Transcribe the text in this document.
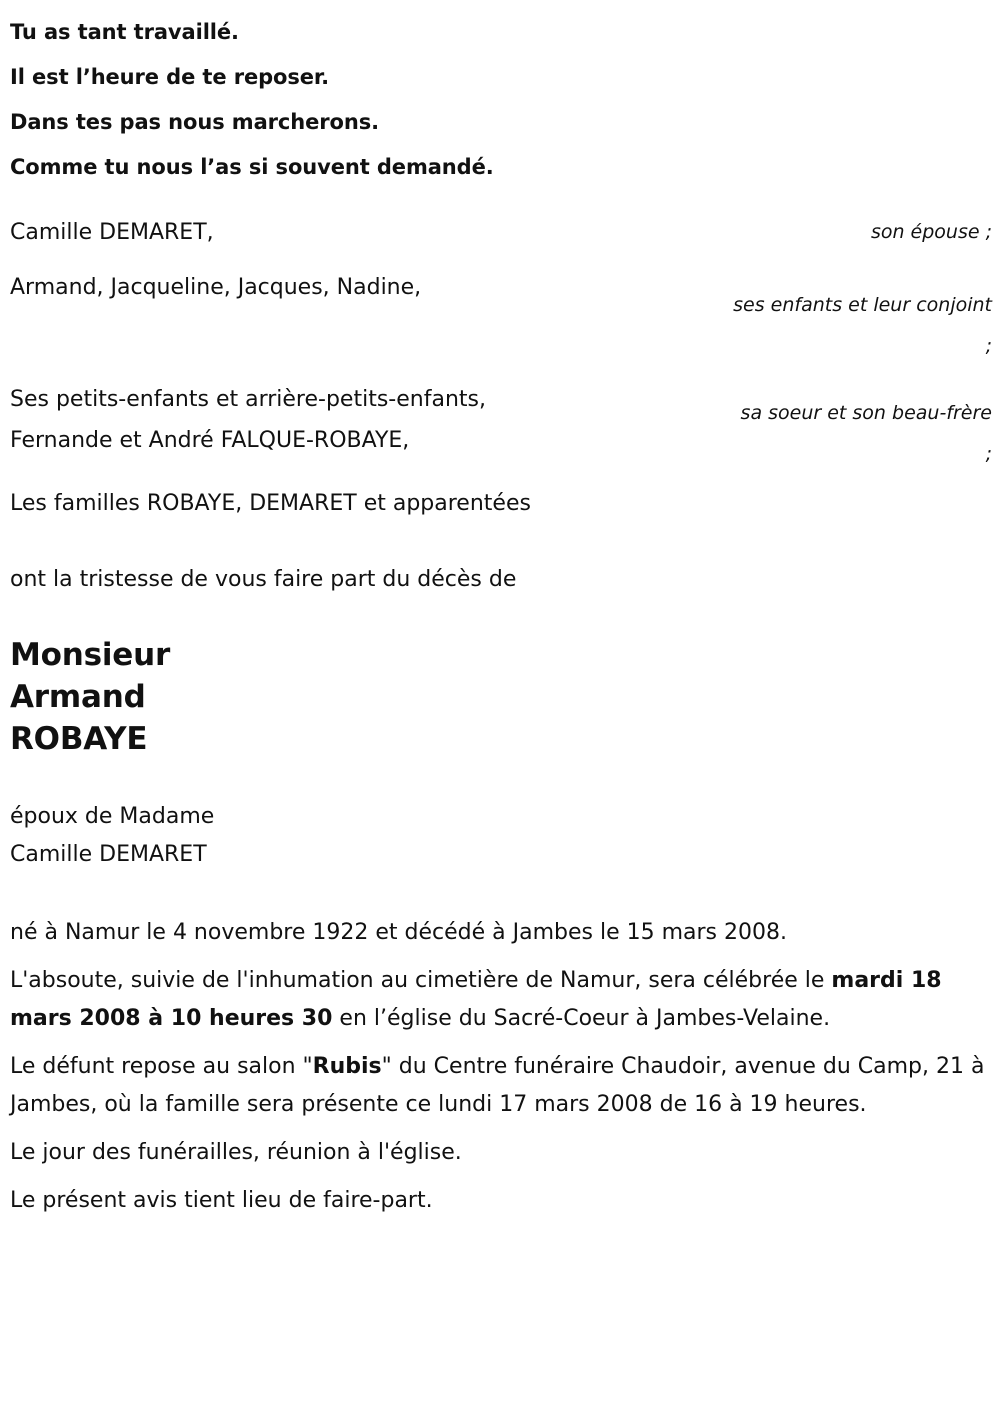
Tu as tant travaillé.
Il est l’heure de te reposer.
Dans tes pas nous marcherons.
Comme tu nous l’as si souvent demandé.
Camille DEMARET,	son épouse ;
Armand, Jacqueline, Jacques, Nadine,
ses enfants et leur conjoint ;
Ses petits-enfants et arrière-petits-enfants,
Fernande et André FALQUE-ROBAYE,
sa soeur et son beau-frère ;
Les familles ROBAYE, DEMARET et apparentées
ont la tristesse de vous faire part du décès de
Monsieur
Armand
ROBAYE
époux de Madame
Camille DEMARET
né à Namur le 4 novembre 1922 et décédé à Jambes le 15 mars 2008.
L'absoute, suivie de l'inhumation au cimetière de Namur, sera célébrée le mardi 18 mars 2008 à 10 heures 30 en l’église du Sacré-Coeur à Jambes-Velaine.
Le défunt repose au salon "Rubis" du Centre funéraire Chaudoir, avenue du Camp, 21 à Jambes, où la famille sera présente ce lundi 17 mars 2008 de 16 à 19 heures.
Le jour des funérailles, réunion à l'église.
Le présent avis tient lieu de faire-part.
